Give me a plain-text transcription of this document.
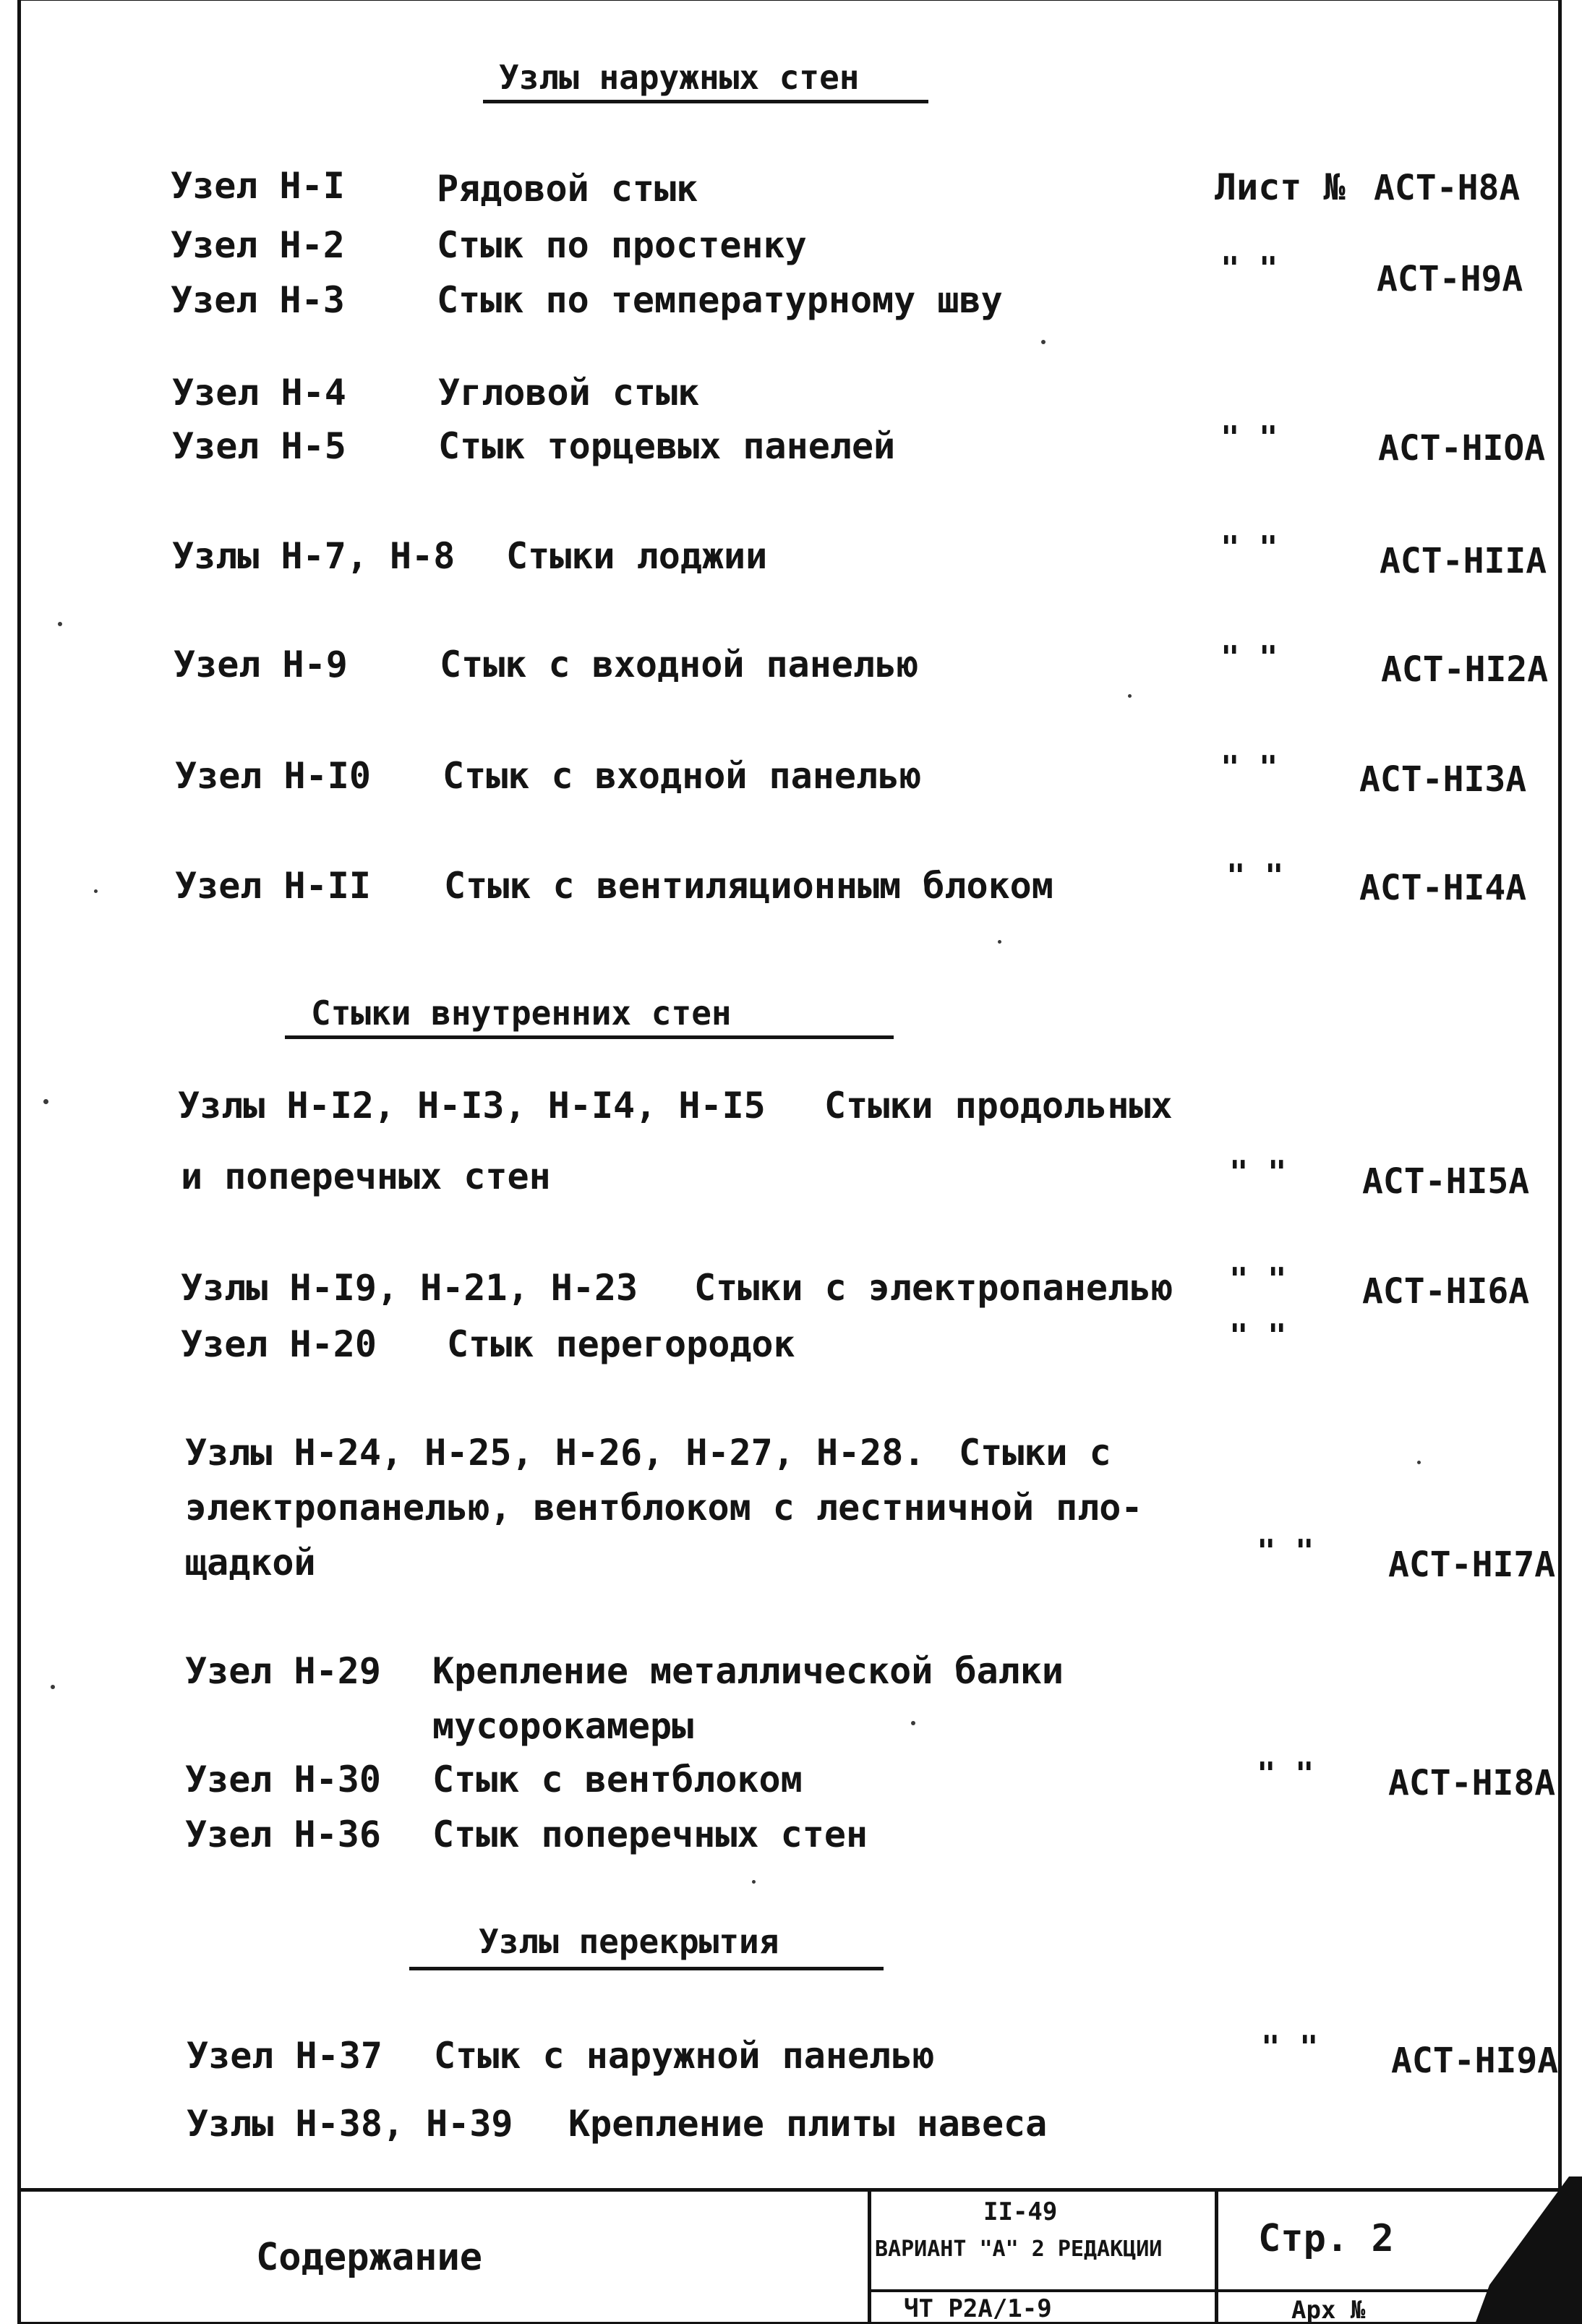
Узлы наружных стен
Узел Н-I	Рядовой стык	Лист № АСТ-Н8А
Узел Н-2	Стык по простенку
Узел Н-3	Стык по температурному шву
" "	АСТ-Н9А
Узел Н-4	Угловой стык
Узел Н-5	Стык торцевых панелей	" "	АСТ-НIOА
Узлы Н-7, Н-8 Стыки лоджии	" "	АСТ-НIIА
Узел Н-9	Стык с входной панелью	" "	АСТ-НI2А
Узел Н-I0 Стык с входной панелью	" " АСТ-НI3А
Узел Н-II Стык с вентиляционным блоком	" " АСТ-НI4А
Стыки внутренних стен
Узлы Н-I2, Н-I3, Н-I4, Н-I5 Стыки продольных
и поперечных стен	" " АСТ-НI5А
Узлы Н-I9, Н-21, Н-23 Стыки с электропанелью " " АСТ-НI6А
Узел Н-20 Стык перегородок	" "
Узлы Н-24, Н-25, Н-26, Н-27, Н-28. Стыки с
электропанелью, вентблоком с лестничной пло-
щадкой	" " АСТ-НI7А
Узел Н-29 Крепление металлической балки
мусорокамеры
Узел Н-30 Стык с вентблоком	" " АСТ-НI8А
Узел Н-36 Стык поперечных стен
Узлы перекрытия
Узел Н-37 Стык с наружной панелью	" " АСТ-НI9А
Узлы Н-38, Н-39 Крепление плиты навеса
Содержание
II-49
ВАРИАНТ "А" 2 РЕДАКЦИИ
ЧТ Р2А/1-9
Стр. 2
Арх №
